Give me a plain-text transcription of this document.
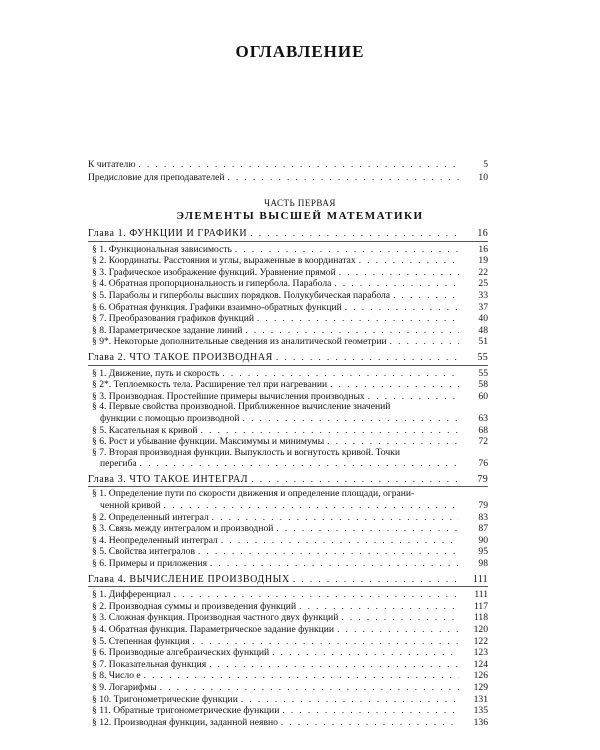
ОГЛАВЛЕНИЕ
К читателю . . .	5
Предисловие для преподавателей . . .	10
ЧАСТЬ ПЕРВАЯ
ЭЛЕМЕНТЫ ВЫСШЕЙ МАТЕМАТИКИ
Глава 1. ФУНКЦИИ И ГРАФИКИ . . .	16
§ 1. Функциональная зависимость . . .	16
§ 2. Координаты. Расстояния и углы, выраженные в координатах . . .	19
§ 3. Графическое изображение функций. Уравнение прямой . . .	22
§ 4. Обратная пропорциональность и гипербола. Парабола . . .	25
§ 5. Параболы и гиперболы высших порядков. Полукубическая парабола . . .	33
§ 6. Обратная функция. Графики взаимно-обратных функций . . .	37
§ 7. Преобразования графиков функций . . .	40
§ 8. Параметрическое задание линий . . .	48
§ 9*. Некоторые дополнительные сведения из аналитической геометрии . . .	51
Глава 2. ЧТО ТАКОЕ ПРОИЗВОДНАЯ . . .	55
§ 1. Движение, путь и скорость . . .	55
§ 2*. Теплоемкость тела. Расширение тел при нагревании . . .	58
§ 3. Производная. Простейшие примеры вычисления производных . . .	60
§ 4. Первые свойства производной. Приближенное вычисление значений
функции с помощью производной . . .	63
§ 5. Касательная к кривой . . .	68
§ 6. Рост и убывание функции. Максимумы и минимумы . . .	72
§ 7. Вторая производная функции. Выпуклость и вогнутость кривой. Точки
перегиба . . .	76
Глава 3. ЧТО ТАКОЕ ИНТЕГРАЛ . . .	79
§ 1. Определение пути по скорости движения и определение площади, ограни-
ченной кривой . . .	79
§ 2. Определенный интеграл . . .	83
§ 3. Связь между интегралом и производной . . .	87
§ 4. Неопределенный интеграл . . .	90
§ 5. Свойства интегралов . . .	95
§ 6. Примеры и приложения . . .	98
Глава 4. ВЫЧИСЛЕНИЕ ПРОИЗВОДНЫХ . . .	111
§ 1. Дифференциал . . .	111
§ 2. Производная суммы и произведения функций . . .	117
§ 3. Сложная функция. Производная частного двух функций . . .	118
§ 4. Обратная функция. Параметрическое задание функции . . .	120
§ 5. Степенная функция . . .	122
§ 6. Производные алгебраических функций . . .	123
§ 7. Показательная функция . . .	124
§ 8. Число e . . .	126
§ 9. Логарифмы . . .	129
§ 10. Тригонометрические функции . . .	131
§ 11. Обратные тригонометрические функции . . .	135
§ 12. Производная функции, заданной неявно . . .	136
